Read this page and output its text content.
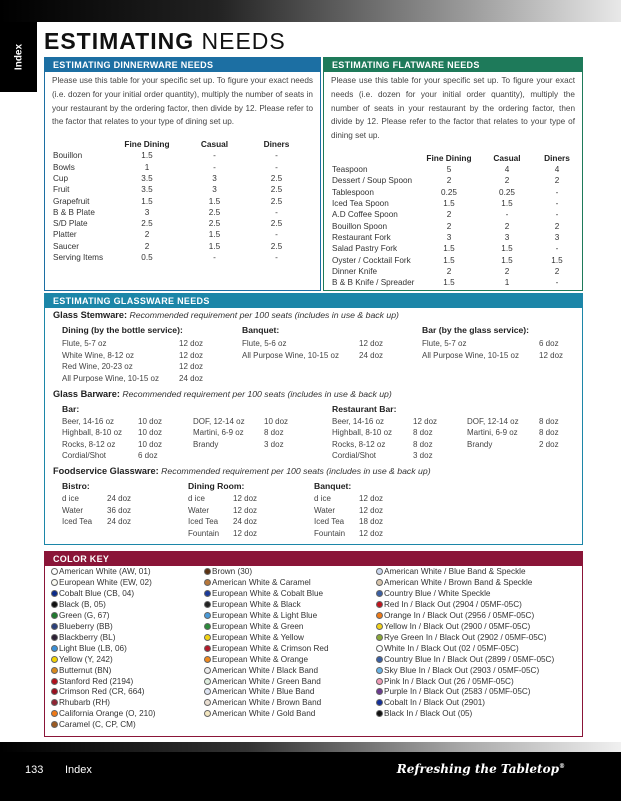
Index
ESTIMATING NEEDS
ESTIMATING DINNERWARE NEEDS
Please use this table for your specific set up. To figure your exact needs (i.e. dozen for your initial order quantity), multiply the number of seats in your restaurant by the ordering factor, then divide by 12. Please refer to the factor that relates to your type of dining set up.
	Fine Dining	Casual	Diners
Bouillon	1.5	-	-
Bowls	1	-	-
Cup	3.5	3	2.5
Fruit	3.5	3	2.5
Grapefruit	1.5	1.5	2.5
B & B Plate	3	2.5	-
S/D Plate	2.5	2.5	2.5
Platter	2	1.5	-
Saucer	2	1.5	2.5
Serving Items	0.5	-	-
ESTIMATING FLATWARE NEEDS
Please use this table for your specific set up. To figure your exact needs (i.e. dozen for your initial order quantity), multiply the number of seats in your restaurant by the ordering factor, then divide by 12. Please refer to the factor that relates to your type of dining set up.
	Fine Dining	Casual	Diners
Teaspoon	5	4	4
Dessert / Soup Spoon	2	2	2
Tablespoon	0.25	0.25	-
Iced Tea Spoon	1.5	1.5	-
A.D Coffee Spoon	2	-	-
Bouillon Spoon	2	2	2
Restaurant Fork	3	3	3
Salad Pastry Fork	1.5	1.5	-
Oyster / Cocktail Fork	1.5	1.5	1.5
Dinner Knife	2	2	2
B & B Knife / Spreader	1.5	1	-
ESTIMATING GLASSWARE NEEDS
Glass Stemware: Recommended requirement per 100 seats (includes in use & back up)
Dining (by the bottle service):
Flute, 5-7 oz	12 doz
White Wine, 8-12 oz	12 doz
Red Wine, 20-23 oz	12 doz
All Purpose Wine, 10-15 oz	24 doz
Banquet:
Flute, 5-6 oz	12 doz
All Purpose Wine, 10-15 oz	24 doz
Bar (by the glass service):
Flute, 5-7 oz	6 doz
All Purpose Wine, 10-15 oz	12 doz
Glass Barware: Recommended requirement per 100 seats (includes in use & back up)
Bar:	Restaurant Bar:
Beer, 14-16 oz	10 doz
Highball, 8-10 oz 10 doz
Rocks, 8-12 oz	10 doz
Cordial/Shot	6 doz
DOF, 12-14 oz 10 doz
Martini, 6-9 oz	8 doz
Brandy	3 doz
Beer, 14-16 oz	12 doz
Highball, 8-10 oz	8 doz
Rocks, 8-12 oz	8 doz
Cordial/Shot	3 doz
DOF, 12-14 oz	8 doz
Martini, 6-9 oz	8 doz
Brandy	2 doz
Foodservice Glassware: Recommended requirement per 100 seats (includes in use & back up)
Bistro:
d ice	24 doz
Water	36 doz
Iced Tea 24 doz
Dining Room:
d ice	12 doz
Water	12 doz
Iced Tea 24 doz
Fountain 12 doz
Banquet:
d ice	12 doz
Water	12 doz
Iced Tea 18 doz
Fountain 12 doz
COLOR KEY
American White (AW, 01)
European White (EW, 02)
Cobalt Blue (CB, 04)
Black (B, 05)
Green (G, 67)
Blueberry (BB)
Blackberry (BL)
Light Blue (LB, 06)
Yellow (Y, 242)
Butternut (BN)
Stanford Red (2194)
Crimson Red (CR, 664)
Rhubarb (RH)
California Orange (O, 210)
Caramel (C, CP, CM)
Brown (30)
American White & Caramel
European White & Cobalt Blue
European White & Black
European White & Light Blue
European White & Green
European White & Yellow
European White & Crimson Red
European White & Orange
American White / Black Band
American White / Green Band
American White / Blue Band
American White / Brown Band
American White / Gold Band
American White / Blue Band & Speckle
American White / Brown Band & Speckle
Country Blue / White Speckle
Red In / Black Out (2904 / 05MF-05C)
Orange In / Black Out (2956 / 05MF-05C)
Yellow In / Black Out (2900 / 05MF-05C)
Rye Green In / Black Out (2902 / 05MF-05C)
White In / Black Out (02 / 05MF-05C)
Country Blue In / Black Out (2899 / 05MF-05C)
Sky Blue In / Black Out (2903 / 05MF-05C)
Pink In / Black Out (26 / 05MF-05C)
Purple In / Black Out (2583 / 05MF-05C)
Cobalt In / Black Out (2901)
Black In / Black Out (05)
133 Index	Refreshing the Tabletop®
